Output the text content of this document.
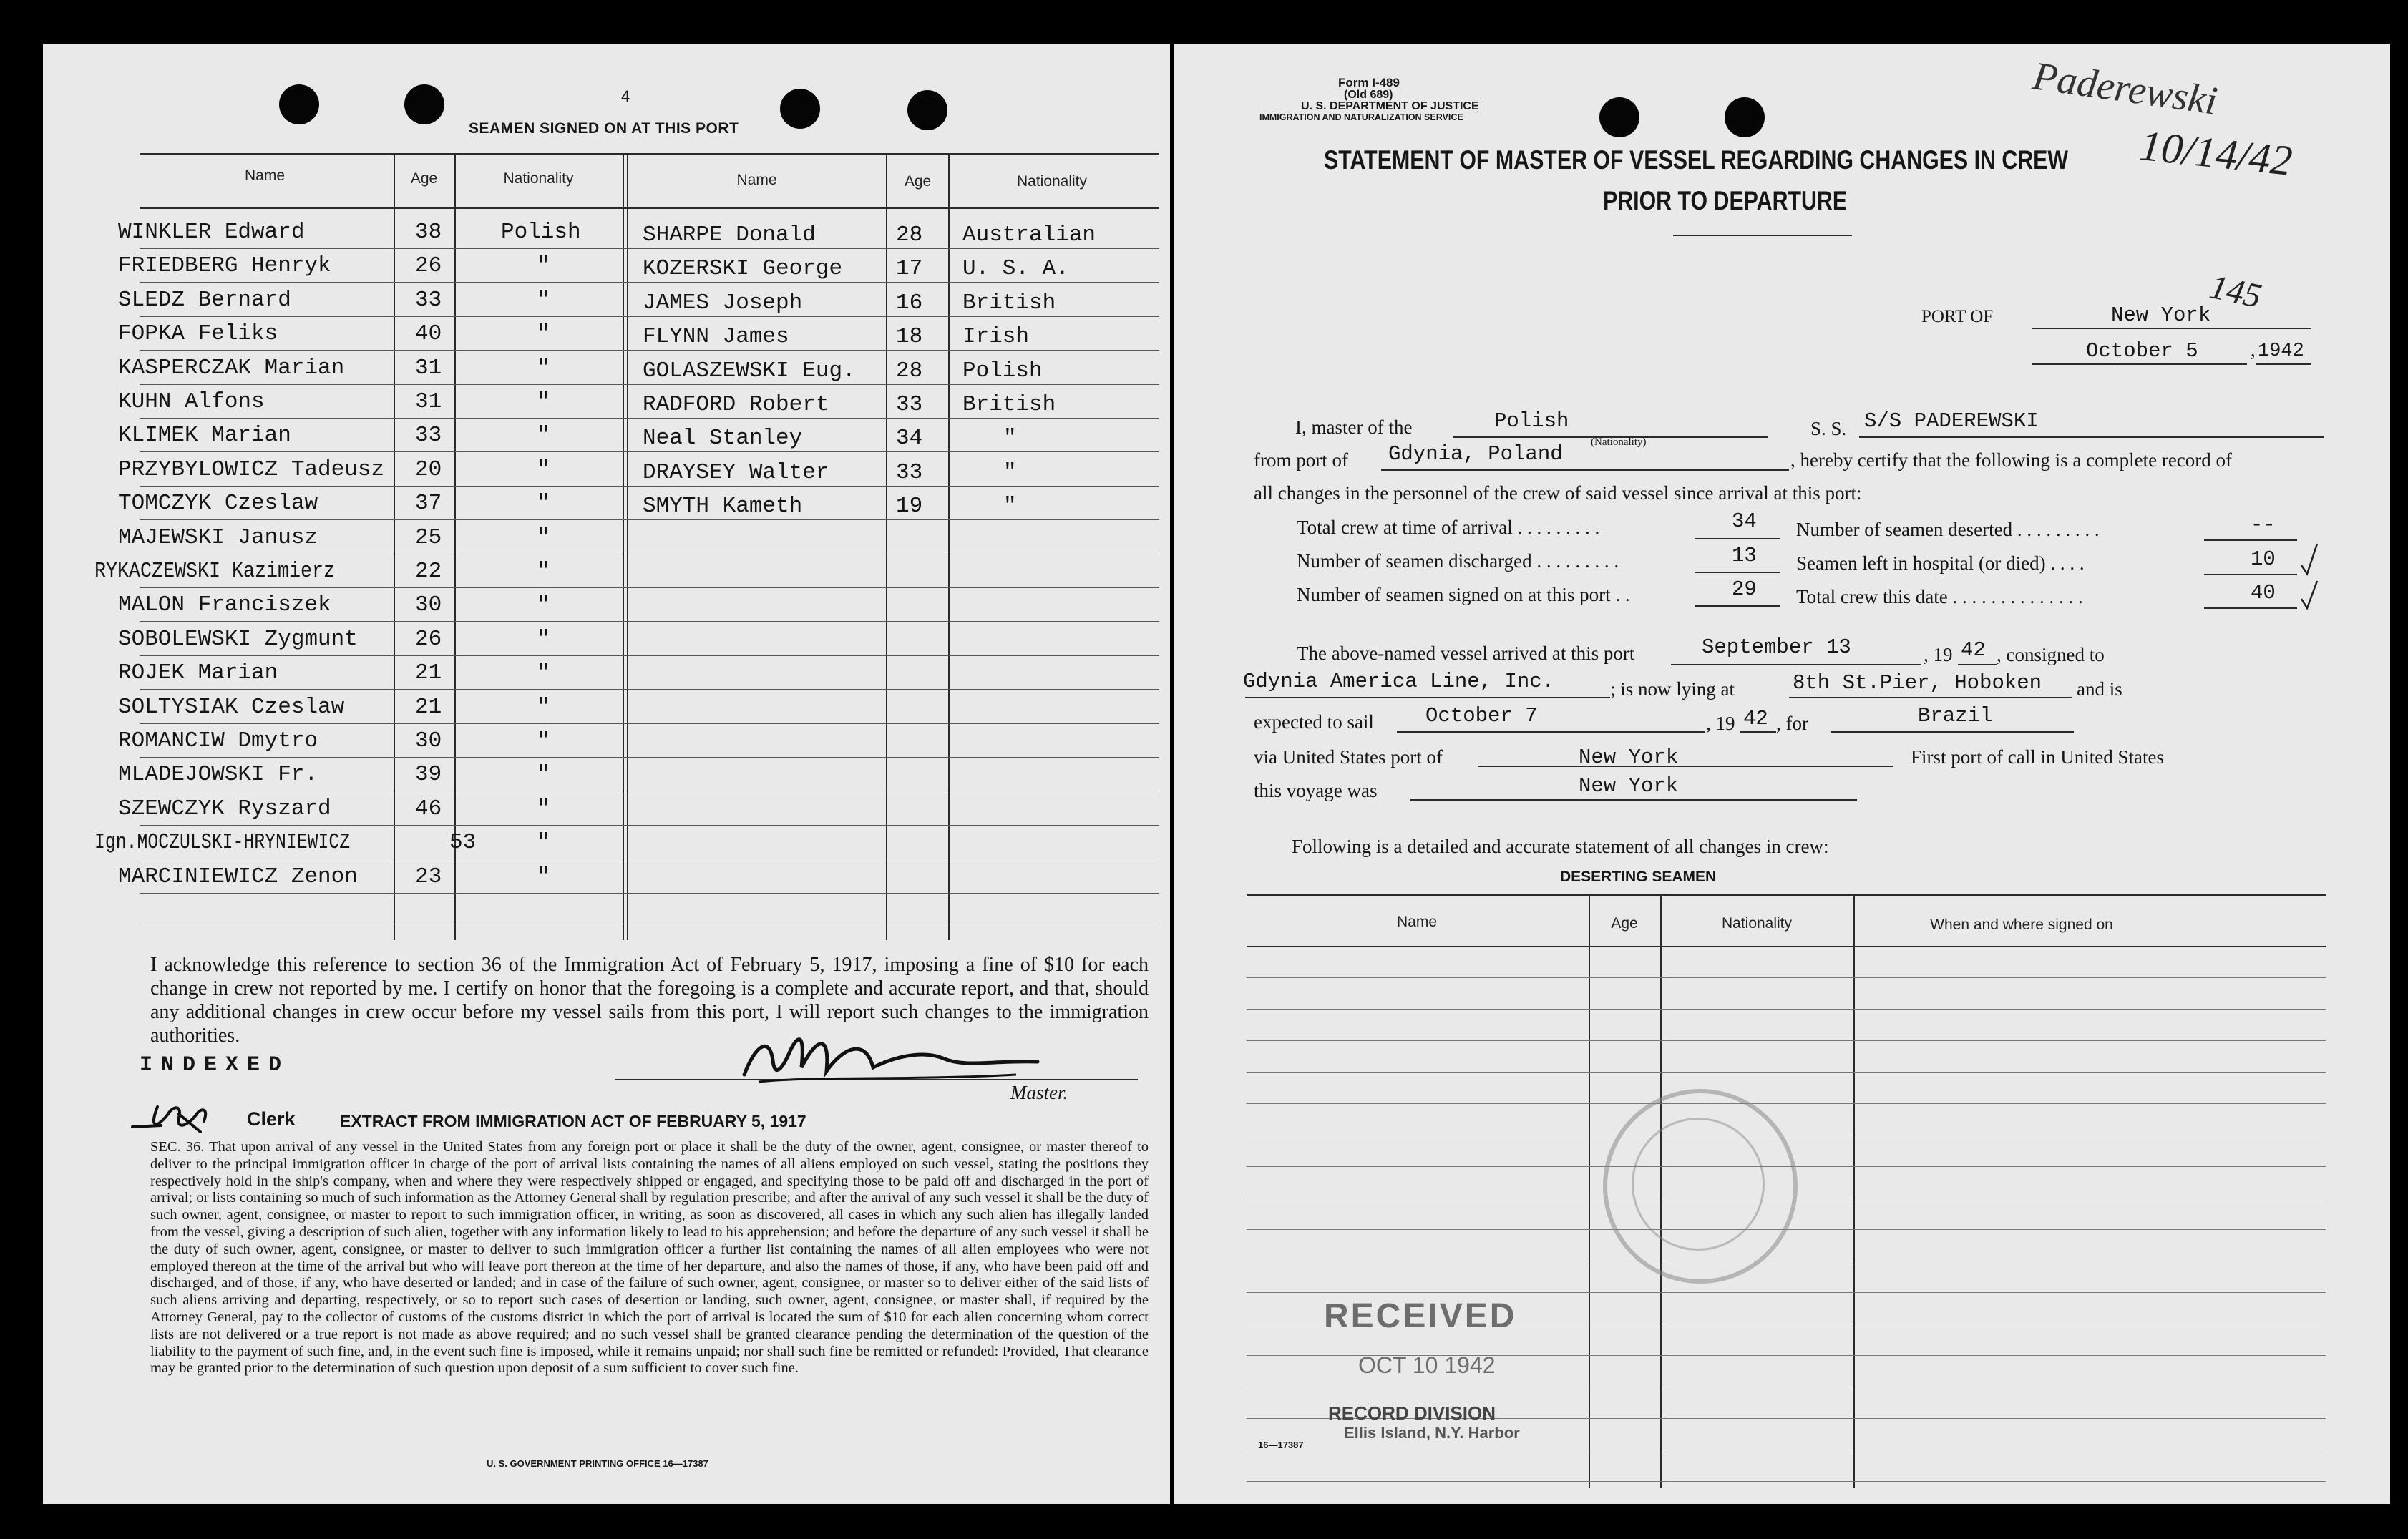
4
SEAMEN SIGNED ON AT THIS PORT
Name	Age	Nationality	Name	Age	Nationality
WINKLER Edward	38	Polish
FRIEDBERG Henryk	26	"
SLEDZ Bernard	33	"
FOPKA Feliks	40	"
KASPERCZAK Marian	31	"
KUHN Alfons	31	"
KLIMEK Marian	33	"
PRZYBYLOWICZ Tadeusz 20	"
TOMCZYK Czeslaw	37	"
MAJEWSKI Janusz	25	"
RYKACZEWSKI Kazimierz	22	"
MALON Franciszek	30	"
SOBOLEWSKI Zygmunt	26	"
ROJEK Marian	21	"
SOLTYSIAK Czeslaw	21	"
ROMANCIW Dmytro	30	"
MLADEJOWSKI Fr.	39	"
SZEWCZYK Ryszard	46	"
Ign.MOCZULSKI-HRYNIEWICZ	53	"
MARCINIEWICZ Zenon	23	"
SHARPE Donald	28 Australian
KOZERSKI George 17 U. S. A.
JAMES Joseph	16 British
FLYNN James	18 Irish
GOLASZEWSKI Eug. 28 Polish
RADFORD Robert	33 British
Neal Stanley	34	"
DRAYSEY Walter	33	"
SMYTH Kameth	19	"
I acknowledge this reference to section 36 of the Immigration Act of February 5, 1917, imposing a fine of $10 for each change in crew not reported by me. I certify on honor that the foregoing is a complete and accurate report, and that, should any additional changes in crew occur before my vessel sails from this port, I will report such changes to the immigration authorities.
INDEXED
Clerk	EXTRACT FROM IMMIGRATION ACT OF FEBRUARY 5, 1917
Master.
SEC. 36. That upon arrival of any vessel in the United States from any foreign port or place it shall be the duty of the owner, agent, consignee, or master thereof to deliver to the principal immigration officer in charge of the port of arrival lists containing the names of all aliens employed on such vessel, stating the positions they respectively hold in the ship's company, when and where they were respectively shipped or engaged, and specifying those to be paid off and discharged in the port of arrival; or lists containing so much of such information as the Attorney General shall by regulation prescribe; and after the arrival of any such vessel it shall be the duty of such owner, agent, consignee, or master to report to such immigration officer, in writing, as soon as discovered, all cases in which any such alien has illegally landed from the vessel, giving a description of such alien, together with any information likely to lead to his apprehension; and before the departure of any such vessel it shall be the duty of such owner, agent, consignee, or master to deliver to such immigration officer a further list containing the names of all alien employees who were not employed thereon at the time of the arrival but who will leave port thereon at the time of her departure, and also the names of those, if any, who have been paid off and discharged, and of those, if any, who have deserted or landed; and in case of the failure of such owner, agent, consignee, or master so to deliver either of the said lists of such aliens arriving and departing, respectively, or so to report such cases of desertion or landing, such owner, agent, consignee, or master shall, if required by the Attorney General, pay to the collector of customs of the customs district in which the port of arrival is located the sum of $10 for each alien concerning whom correct lists are not delivered or a true report is not made as above required; and no such vessel shall be granted clearance pending the determination of the question of the liability to the payment of such fine, and, in the event such fine is imposed, while it remains unpaid; nor shall such fine be remitted or refunded: Provided, That clearance may be granted prior to the determination of such question upon deposit of a sum sufficient to cover such fine.
U. S. GOVERNMENT PRINTING OFFICE 16—17387
Form I-489
(Old 689)
U. S. DEPARTMENT OF JUSTICE
IMMIGRATION AND NATURALIZATION SERVICE
STATEMENT OF MASTER OF VESSEL REGARDING CHANGES IN CREW
PRIOR TO DEPARTURE
Paderewski
10/14/42
145
PORT OF	New York
October 5	, 1942
I, master of the	Polish	S. S. S/S PADEREWSKI
from port of Gdynia, Poland	(Nationality)
, hereby certify that the following is a complete record of
all changes in the personnel of the crew of said vessel since arrival at this port:
Total crew at time of arrival . . . . . . . . .	34
Number of seamen discharged . . . . . . . . .	13
Number of seamen signed on at this port . .	29
Number of seamen deserted . . . . . . . . .	--
Seamen left in hospital (or died) . . . .	10
Total crew this date . . . . . . . . . . . . . .	40
The above-named vessel arrived at this port	September 13	, 19 42 , consigned to
Gdynia America Line, Inc.	; is now lying at	8th St.Pier, Hoboken and is
expected to sail October 7	, 19 42 , for	Brazil
via United States port of	New York	First port of call in United States
this voyage was	New York
Following is a detailed and accurate statement of all changes in crew:
DESERTING SEAMEN
Name	Age	Nationality	When and where signed on
RECEIVED
OCT 10 1942
RECORD DIVISION
Ellis Island, N.Y. Harbor
16—17387
